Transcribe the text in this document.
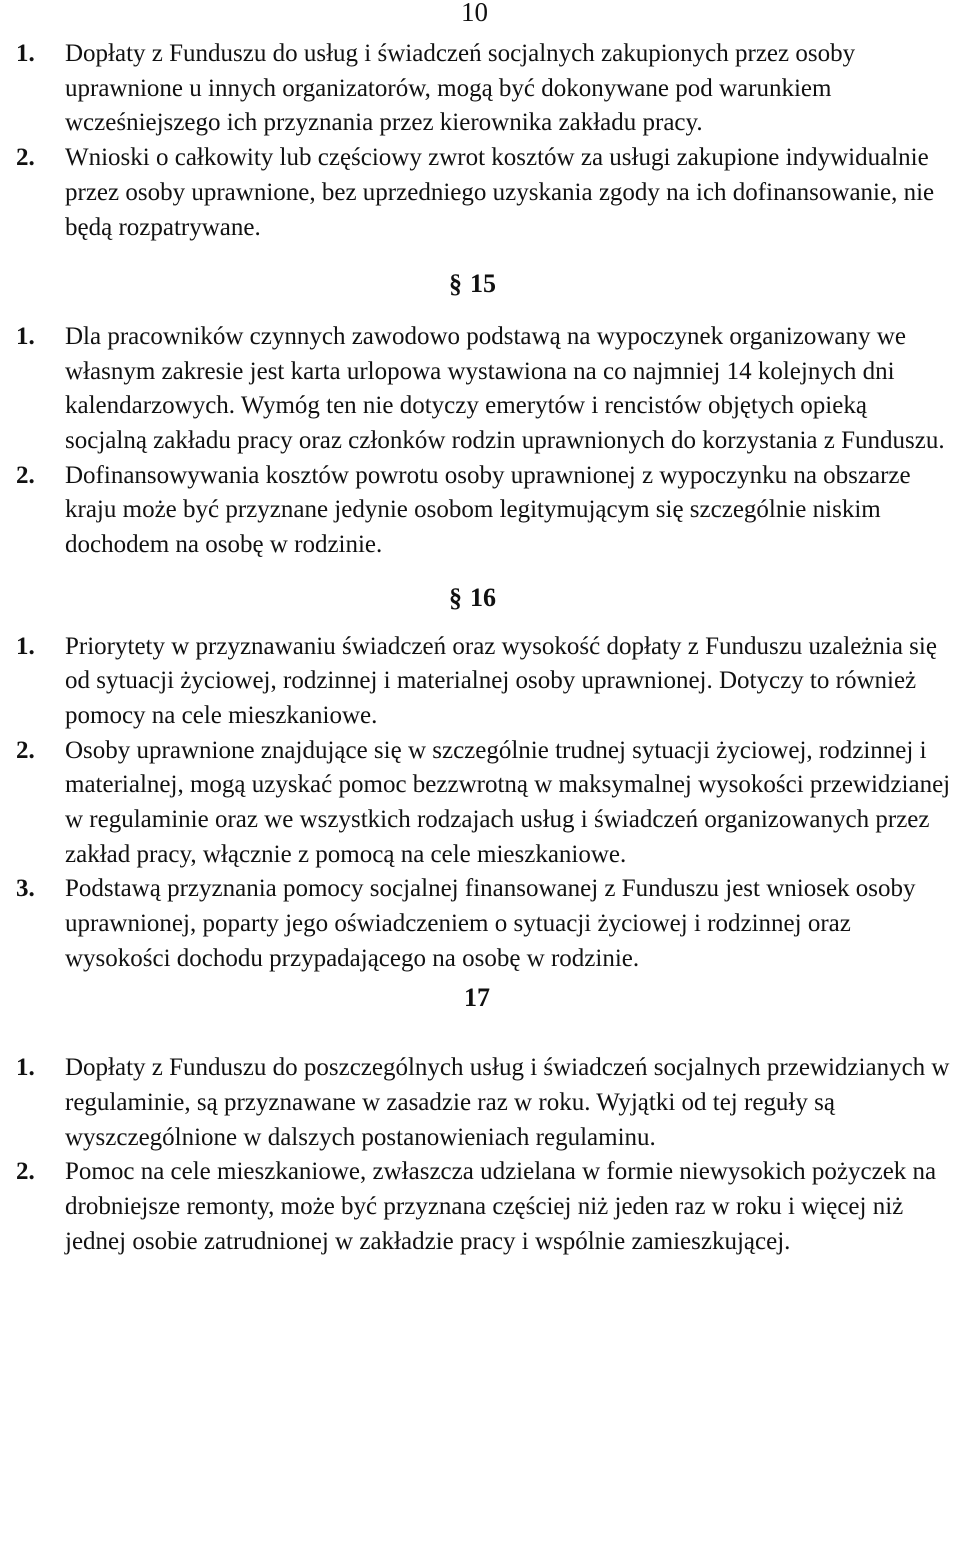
10
1.	Dopłaty z Funduszu do usług i świadczeń socjalnych zakupionych przez osoby uprawnione u innych organizatorów, mogą być dokonywane pod warunkiem wcześniejszego ich przyznania przez kierownika zakładu pracy.
2.	Wnioski o całkowity lub częściowy zwrot kosztów za usługi zakupione indywidualnie przez osoby uprawnione, bez uprzedniego uzyskania zgody na ich dofinansowanie, nie będą rozpatrywane.
§ 15
1.	Dla pracowników czynnych zawodowo podstawą na wypoczynek organizowany we własnym zakresie jest karta urlopowa wystawiona na co najmniej 14 kolejnych dni kalendarzowych. Wymóg ten nie dotyczy emerytów i rencistów objętych opieką socjalną zakładu pracy oraz członków rodzin uprawnionych do korzystania z Funduszu.
2.	Dofinansowywania kosztów powrotu osoby uprawnionej z wypoczynku na obszarze kraju może być przyznane jedynie osobom legitymującym się szczególnie niskim dochodem na osobę w rodzinie.
§ 16
1.	Priorytety w przyznawaniu świadczeń oraz wysokość dopłaty z Funduszu uzależnia się od sytuacji życiowej, rodzinnej i materialnej osoby uprawnionej. Dotyczy to również pomocy na cele mieszkaniowe.
2.	Osoby uprawnione znajdujące się w szczególnie trudnej sytuacji życiowej, rodzinnej i materialnej, mogą uzyskać pomoc bezzwrotną w maksymalnej wysokości przewidzianej w regulaminie oraz we wszystkich rodzajach usług i świadczeń organizowanych przez zakład pracy, włącznie z pomocą na cele mieszkaniowe.
3.	Podstawą przyznania pomocy socjalnej finansowanej z Funduszu jest wniosek osoby uprawnionej, poparty jego oświadczeniem o sytuacji życiowej i rodzinnej oraz wysokości dochodu przypadającego na osobę w rodzinie.
17
1.	Dopłaty z Funduszu do poszczególnych usług i świadczeń socjalnych przewidzianych w regulaminie, są przyznawane w zasadzie raz w roku. Wyjątki od tej reguły są wyszczególnione w dalszych postanowieniach regulaminu.
2.	Pomoc na cele mieszkaniowe, zwłaszcza udzielana w formie niewysokich pożyczek na drobniejsze remonty, może być przyznana częściej niż jeden raz w roku i więcej niż jednej osobie zatrudnionej w zakładzie pracy i wspólnie zamieszkującej.
